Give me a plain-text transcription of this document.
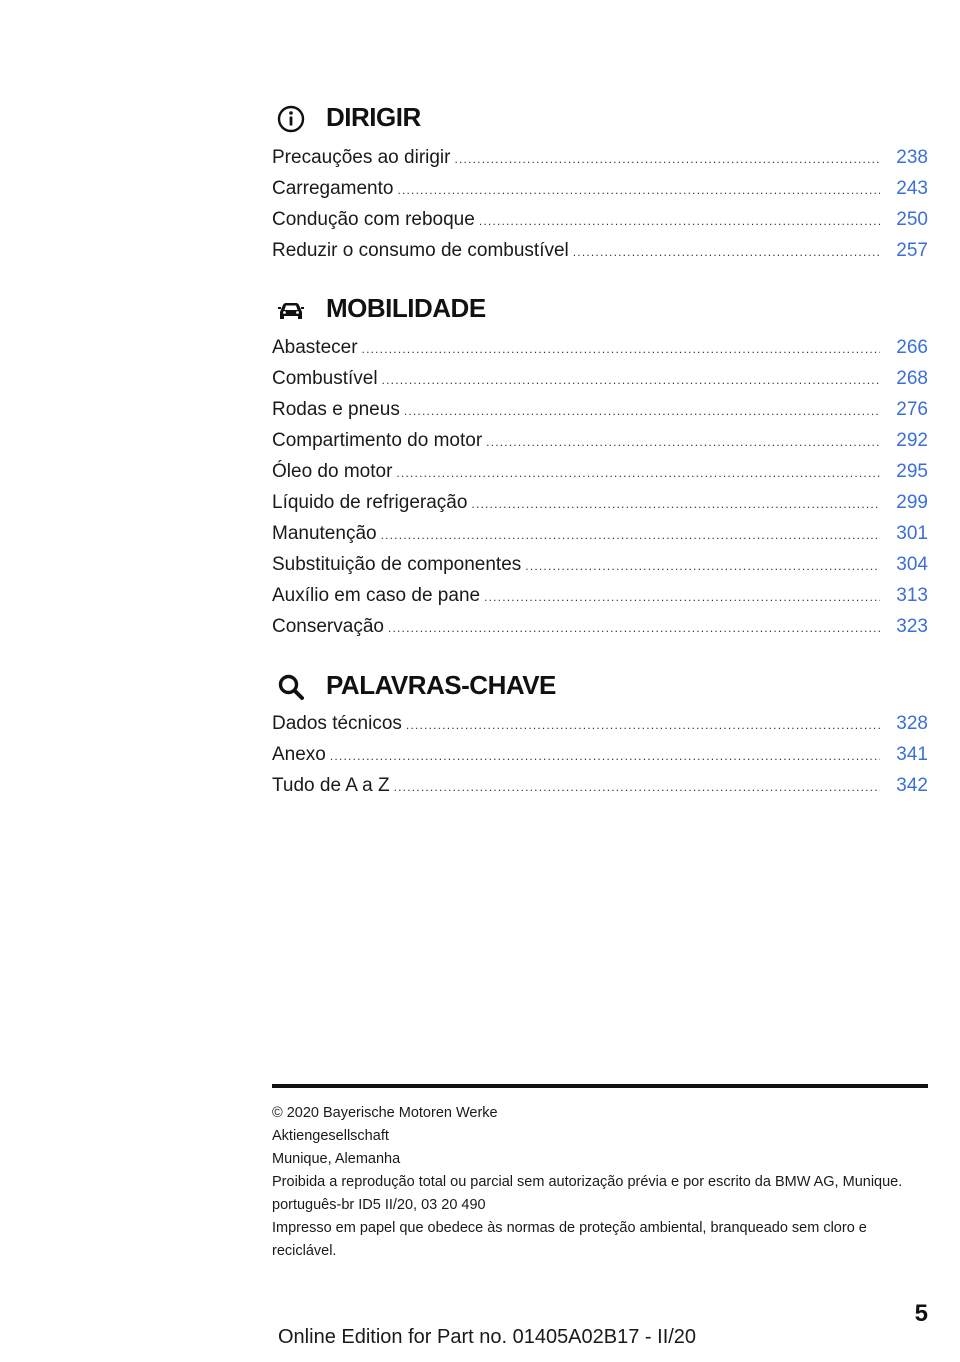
DIRIGIR
Precauções ao dirigir .....	238
Carregamento .....	243
Condução com reboque .....	250
Reduzir o consumo de combustível .....	257
MOBILIDADE
Abastecer .....	266
Combustível .....	268
Rodas e pneus .....	276
Compartimento do motor .....	292
Óleo do motor .....	295
Líquido de refrigeração .....	299
Manutenção .....	301
Substituição de componentes .....	304
Auxílio em caso de pane .....	313
Conservação .....	323
PALAVRAS-CHAVE
Dados técnicos .....	328
Anexo .....	341
Tudo de A a Z .....	342
© 2020 Bayerische Motoren Werke
Aktiengesellschaft
Munique, Alemanha
Proibida a reprodução total ou parcial sem autorização prévia e por escrito da BMW AG, Munique.
português-br ID5 II/20, 03 20 490
Impresso em papel que obedece às normas de proteção ambiental, branqueado sem cloro e reciclável.
5
Online Edition for Part no. 01405A02B17 - II/20
